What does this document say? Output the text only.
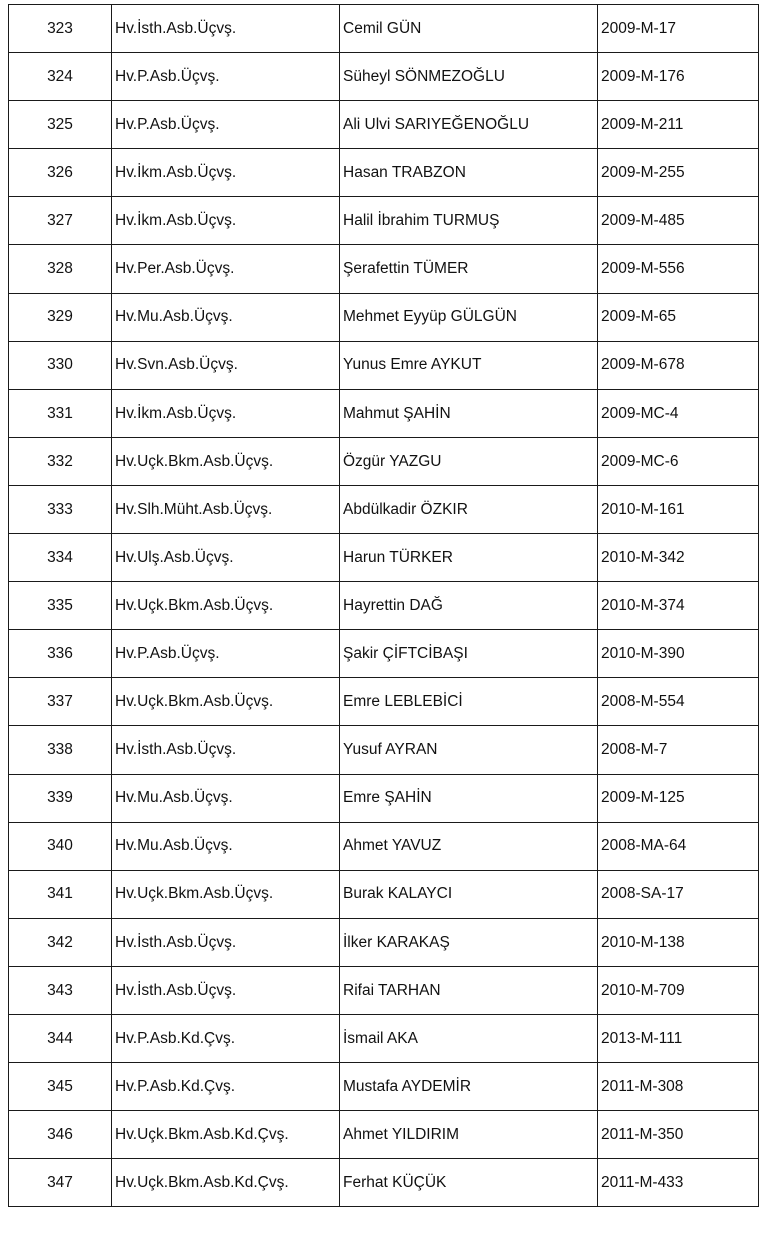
323	Hv.İsth.Asb.Üçvş.	Cemil GÜN	2009-M-17
324	Hv.P.Asb.Üçvş.	Süheyl SÖNMEZOĞLU	2009-M-176
325	Hv.P.Asb.Üçvş.	Ali Ulvi SARIYEĞENOĞLU	2009-M-211
326	Hv.İkm.Asb.Üçvş.	Hasan TRABZON	2009-M-255
327	Hv.İkm.Asb.Üçvş.	Halil İbrahim TURMUŞ	2009-M-485
328	Hv.Per.Asb.Üçvş.	Şerafettin TÜMER	2009-M-556
329	Hv.Mu.Asb.Üçvş.	Mehmet Eyyüp GÜLGÜN	2009-M-65
330	Hv.Svn.Asb.Üçvş.	Yunus Emre AYKUT	2009-M-678
331	Hv.İkm.Asb.Üçvş.	Mahmut ŞAHİN	2009-MC-4
332	Hv.Uçk.Bkm.Asb.Üçvş.	Özgür YAZGU	2009-MC-6
333	Hv.Slh.Müht.Asb.Üçvş.	Abdülkadir ÖZKIR	2010-M-161
334	Hv.Ulş.Asb.Üçvş.	Harun TÜRKER	2010-M-342
335	Hv.Uçk.Bkm.Asb.Üçvş.	Hayrettin DAĞ	2010-M-374
336	Hv.P.Asb.Üçvş.	Şakir ÇİFTCİBAŞI	2010-M-390
337	Hv.Uçk.Bkm.Asb.Üçvş.	Emre LEBLEBİCİ	2008-M-554
338	Hv.İsth.Asb.Üçvş.	Yusuf AYRAN	2008-M-7
339	Hv.Mu.Asb.Üçvş.	Emre ŞAHİN	2009-M-125
340	Hv.Mu.Asb.Üçvş.	Ahmet YAVUZ	2008-MA-64
341	Hv.Uçk.Bkm.Asb.Üçvş.	Burak KALAYCI	2008-SA-17
342	Hv.İsth.Asb.Üçvş.	İlker KARAKAŞ	2010-M-138
343	Hv.İsth.Asb.Üçvş.	Rifai TARHAN	2010-M-709
344	Hv.P.Asb.Kd.Çvş.	İsmail AKA	2013-M-111
345	Hv.P.Asb.Kd.Çvş.	Mustafa AYDEMİR	2011-M-308
346	Hv.Uçk.Bkm.Asb.Kd.Çvş.	Ahmet YILDIRIM	2011-M-350
347	Hv.Uçk.Bkm.Asb.Kd.Çvş.	Ferhat KÜÇÜK	2011-M-433
